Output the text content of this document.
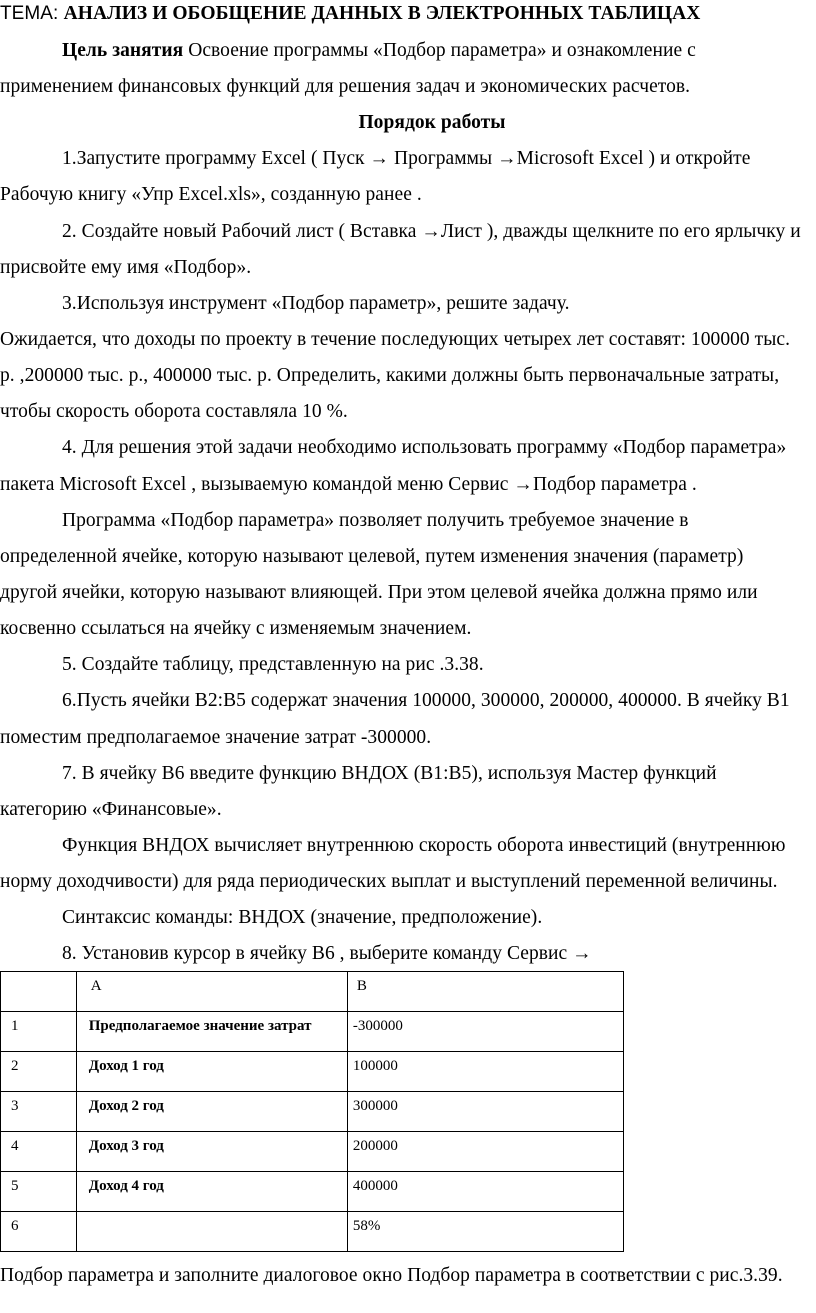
ТЕМА: АНАЛИЗ И ОБОБЩЕНИЕ ДАННЫХ В ЭЛЕКТРОННЫХ ТАБЛИЦАХ
Цель занятия Освоение программы «Подбор параметра» и ознакомление с
применением финансовых функций для решения задач и экономических расчетов.
Порядок работы
1.Запустите программу Excel ( Пуск → Программы →Microsoft Excel ) и откройте
Рабочую книгу «Упр Excel.xls», созданную ранее .
2. Создайте новый Рабочий лист ( Вставка →Лист ), дважды щелкните по его ярлычку и
присвойте ему имя «Подбор».
3.Используя инструмент «Подбор параметр», решите задачу.
Ожидается, что доходы по проекту в течение последующих четырех лет составят: 100000 тыс.
р. ,200000 тыс. р., 400000 тыс. р. Определить, какими должны быть первоначальные затраты,
чтобы скорость оборота составляла 10 %.
4. Для решения этой задачи необходимо использовать программу «Подбор параметра»
пакета Microsoft Excel , вызываемую командой меню Сервис →Подбор параметра .
Программа «Подбор параметра» позволяет получить требуемое значение в
определенной ячейке, которую называют целевой, путем изменения значения (параметр)
другой ячейки, которую называют влияющей. При этом целевой ячейка должна прямо или
косвенно ссылаться на ячейку с изменяемым значением.
5. Создайте таблицу, представленную на рис .3.38.
6.Пусть ячейки В2:В5 содержат значения 100000, 300000, 200000, 400000. В ячейку В1
поместим предполагаемое значение затрат -300000.
7. В ячейку В6 введите функцию ВНДОХ (В1:В5), используя Мастер функций
категорию «Финансовые».
Функция ВНДОХ вычисляет внутреннюю скорость оборота инвестиций (внутреннюю
норму доходчивости) для ряда периодических выплат и выступлений переменной величины.
Синтаксис команды: ВНДОХ (значение, предположение).
8. Установив курсор в ячейку В6 , выберите команду Сервис →

	A	B

1	Предполагаемое значение затрат	-300000

2	Доход 1 год	100000

3	Доход 2 год	300000

4	Доход 3 год	200000

5	Доход 4 год	400000

6		58%
Подбор параметра и заполните диалоговое окно Подбор параметра в соответствии с рис.3.39.
